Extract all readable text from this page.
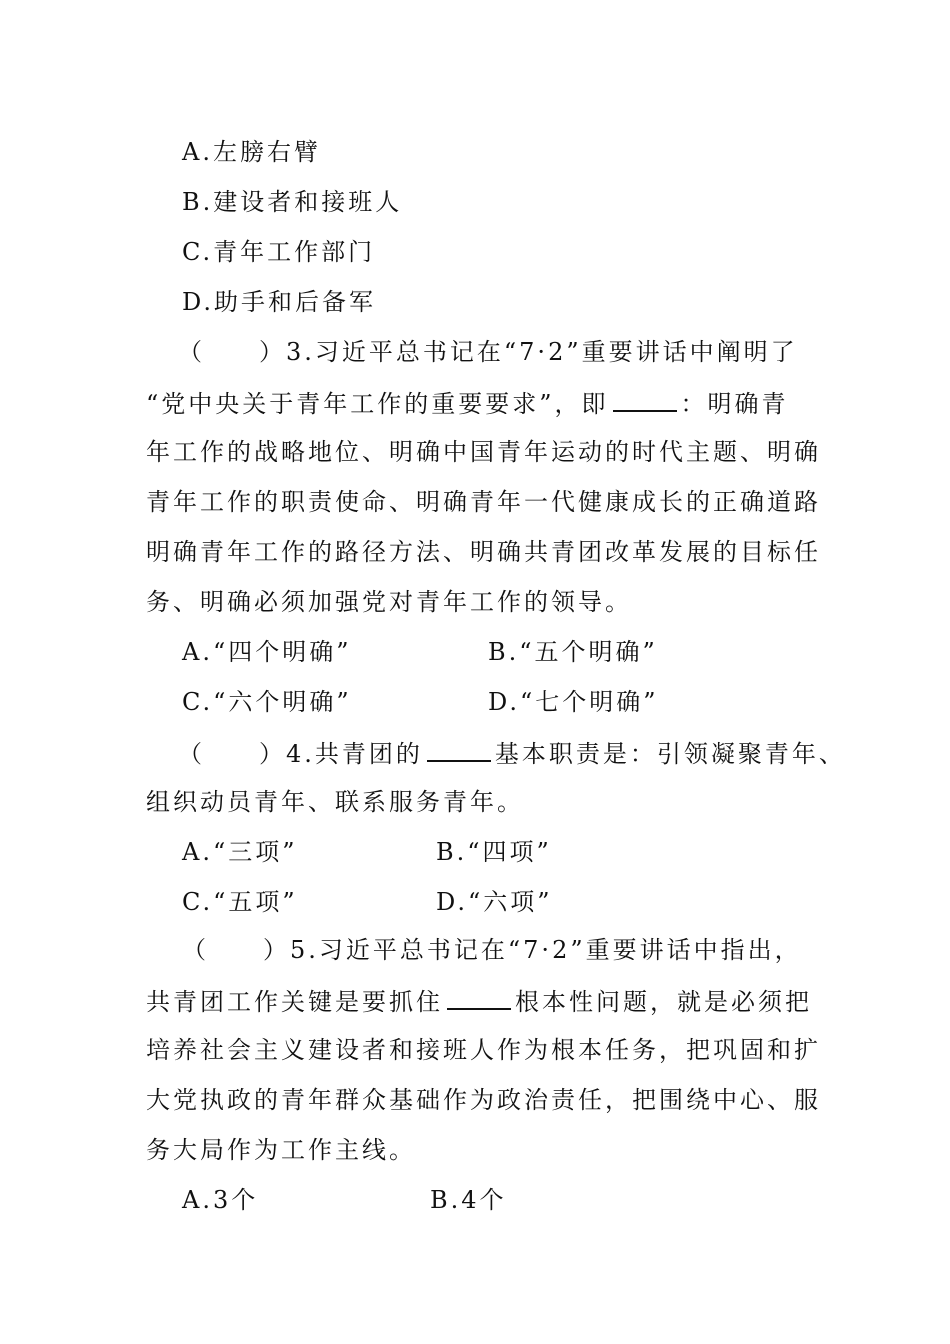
A.左膀右臂
B.建设者和接班人
C.青年工作部门
D.助手和后备军
（　　）3.习近平总书记在“7·2”重要讲话中阐明了
“党中央关于青年工作的重要要求”，即	：明确青
年工作的战略地位、明确中国青年运动的时代主题、明确
青年工作的职责使命、明确青年一代健康成长的正确道路
明确青年工作的路径方法、明确共青团改革发展的目标任
务、明确必须加强党对青年工作的领导。
A.“四个明确”	B.“五个明确”
C.“六个明确”	D.“七个明确”
（　　）4.共青团的	基本职责是：引领凝聚青年、
组织动员青年、联系服务青年。
A.“三项”	B.“四项”
C.“五项”	D.“六项”
（　　）5.习近平总书记在“7·2”重要讲话中指出，
共青团工作关键是要抓住	根本性问题，就是必须把
培养社会主义建设者和接班人作为根本任务，把巩固和扩
大党执政的青年群众基础作为政治责任，把围绕中心、服
务大局作为工作主线。
A.3个	B.4个
